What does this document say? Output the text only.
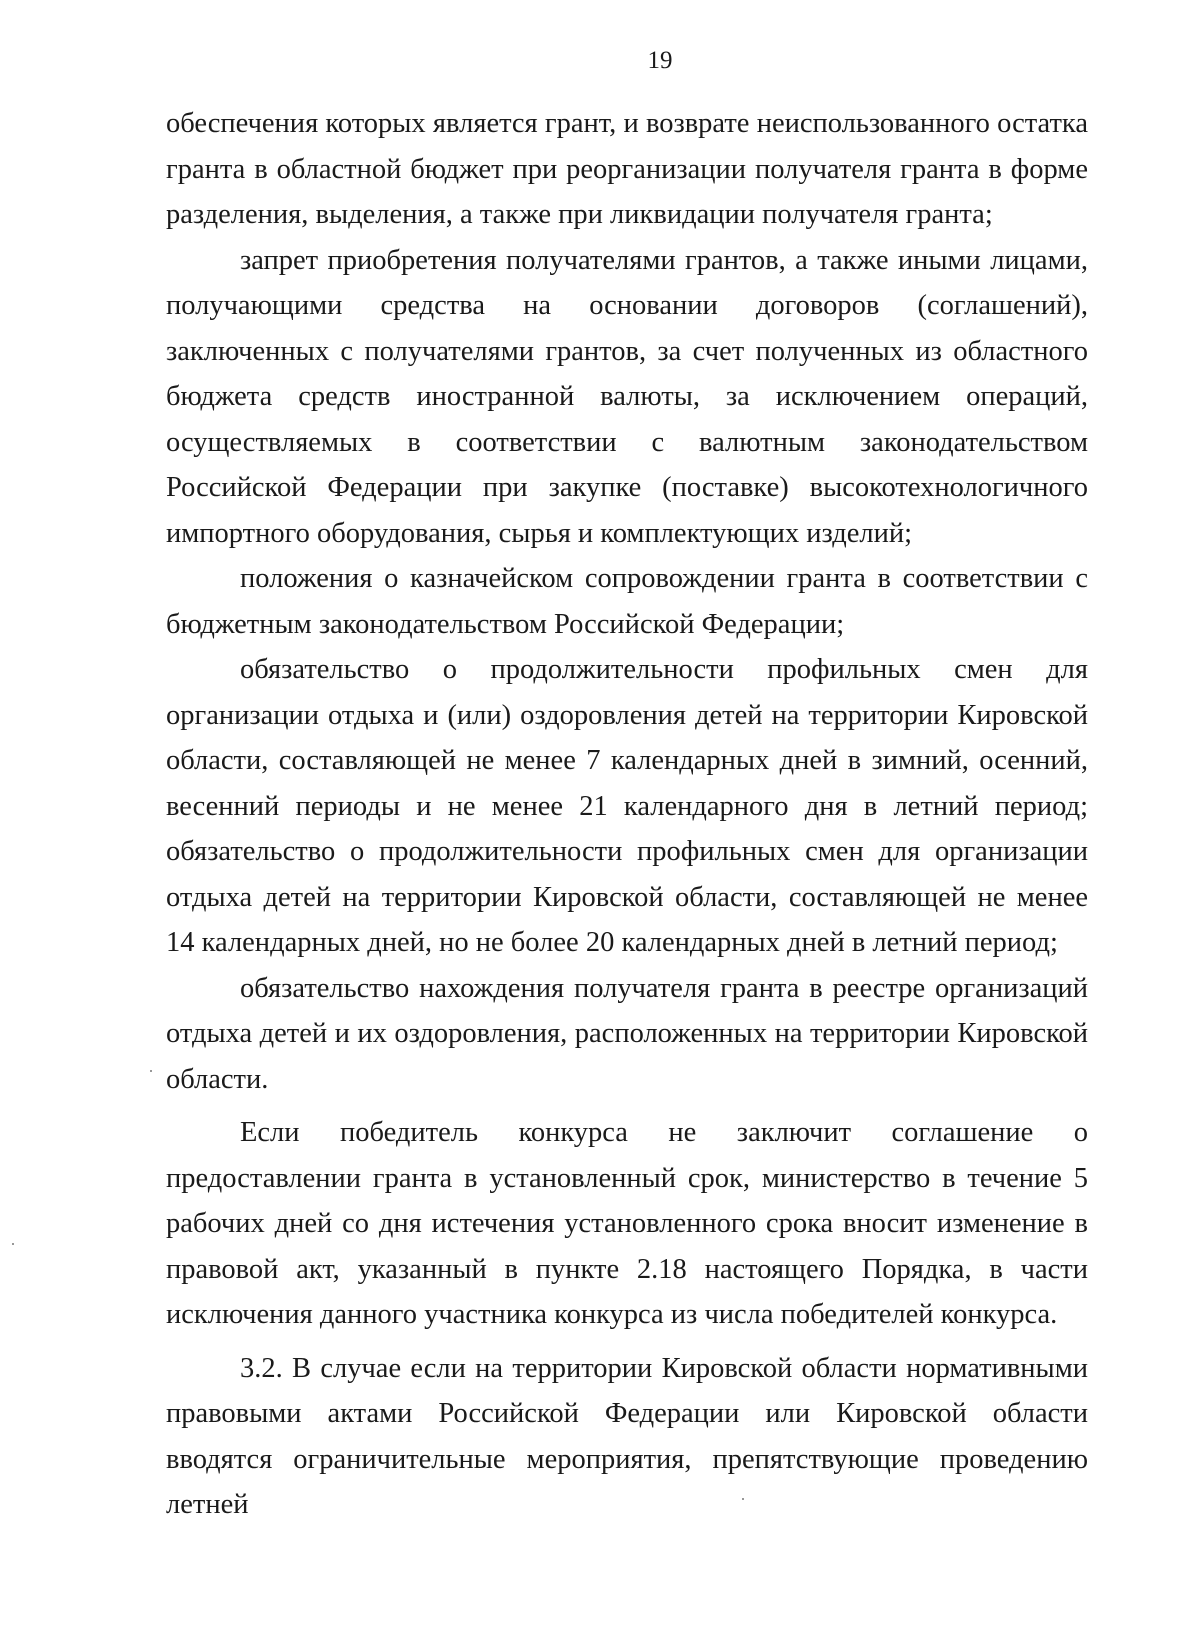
19

обеспечения которых является грант, и возврате неиспользованного остатка гранта в областной бюджет при реорганизации получателя гранта в форме разделения, выделения, а также при ликвидации получателя гранта;

запрет приобретения получателями грантов, а также иными лицами, получающими средства на основании договоров (соглашений), заключенных с получателями грантов, за счет полученных из областного бюджета средств иностранной валюты, за исключением операций, осуществляемых в соответствии с валютным законодательством Российской Федерации при закупке (поставке) высокотехнологичного импортного оборудования, сырья и комплектующих изделий;

положения о казначейском сопровождении гранта в соответствии с бюджетным законодательством Российской Федерации;

обязательство о продолжительности профильных смен для организации отдыха и (или) оздоровления детей на территории Кировской области, составляющей не менее 7 календарных дней в зимний, осенний, весенний периоды и не менее 21 календарного дня в летний период; обязательство о продолжительности профильных смен для организации отдыха детей на территории Кировской области, составляющей не менее 14 календарных дней, но не более 20 календарных дней в летний период;

обязательство нахождения получателя гранта в реестре организаций отдыха детей и их оздоровления, расположенных на территории Кировской области.

Если победитель конкурса не заключит соглашение о предоставлении гранта в установленный срок, министерство в течение 5 рабочих дней со дня истечения установленного срока вносит изменение в правовой акт, указанный в пункте 2.18 настоящего Порядка, в части исключения данного участника конкурса из числа победителей конкурса.

3.2. В случае если на территории Кировской области нормативными правовыми актами Российской Федерации или Кировской области вводятся ограничительные мероприятия, препятствующие проведению летней
